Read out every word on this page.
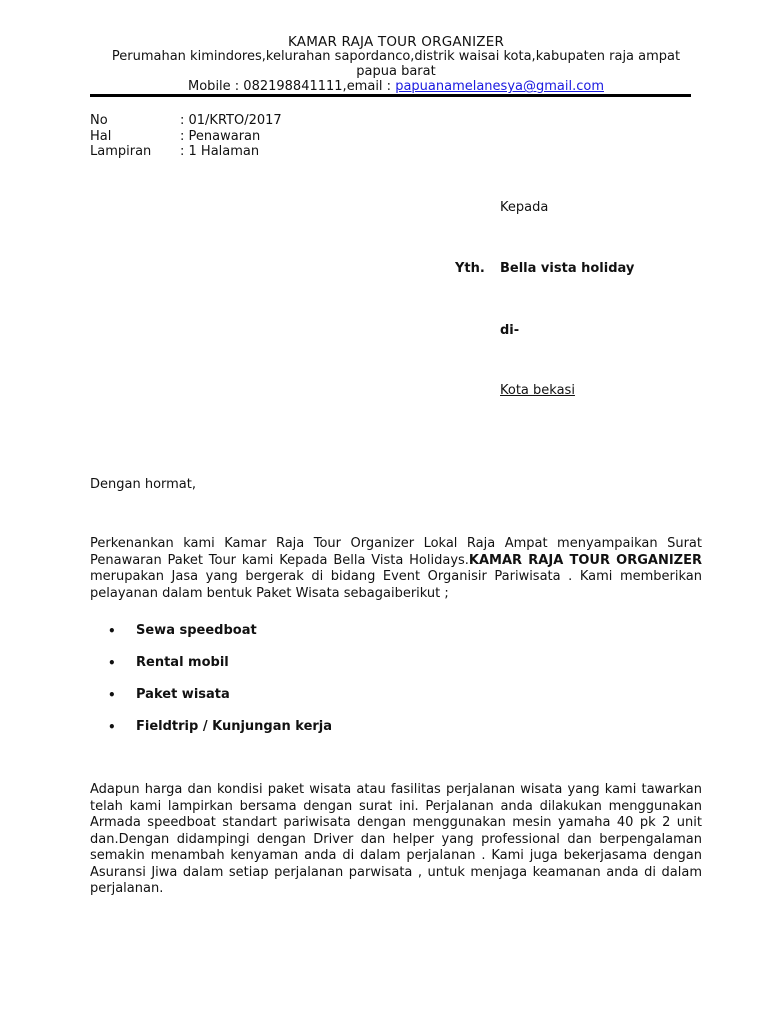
KAMAR RAJA TOUR ORGANIZER
Perumahan kimindores,kelurahan sapordanco,distrik waisai kota,kabupaten raja ampat papua barat
Mobile : 082198841111,email : papuanamelanesya@gmail.com
No	: 01/KRTO/2017
Hal	: Penawaran
Lampiran	: 1 Halaman
Kepada
Yth. Bella vista holiday
di-
Kota bekasi
Dengan hormat,
Perkenankan kami Kamar Raja Tour Organizer Lokal Raja Ampat menyampaikan Surat Penawaran Paket Tour kami Kepada Bella Vista Holidays.KAMAR RAJA TOUR ORGANIZER merupakan Jasa yang bergerak di bidang Event Organisir Pariwisata . Kami memberikan pelayanan dalam bentuk Paket Wisata sebagaiberikut ;
• Sewa speedboat
• Rental mobil
• Paket wisata
• Fieldtrip / Kunjungan kerja
Adapun harga dan kondisi paket wisata atau fasilitas perjalanan wisata yang kami tawarkan telah kami lampirkan bersama dengan surat ini. Perjalanan anda dilakukan menggunakan Armada speedboat standart pariwisata dengan menggunakan mesin yamaha 40 pk 2 unit dan.Dengan didampingi dengan Driver dan helper yang professional dan berpengalaman semakin menambah kenyaman anda di dalam perjalanan . Kami juga bekerjasama dengan Asuransi Jiwa dalam setiap perjalanan parwisata , untuk menjaga keamanan anda di dalam perjalanan.
